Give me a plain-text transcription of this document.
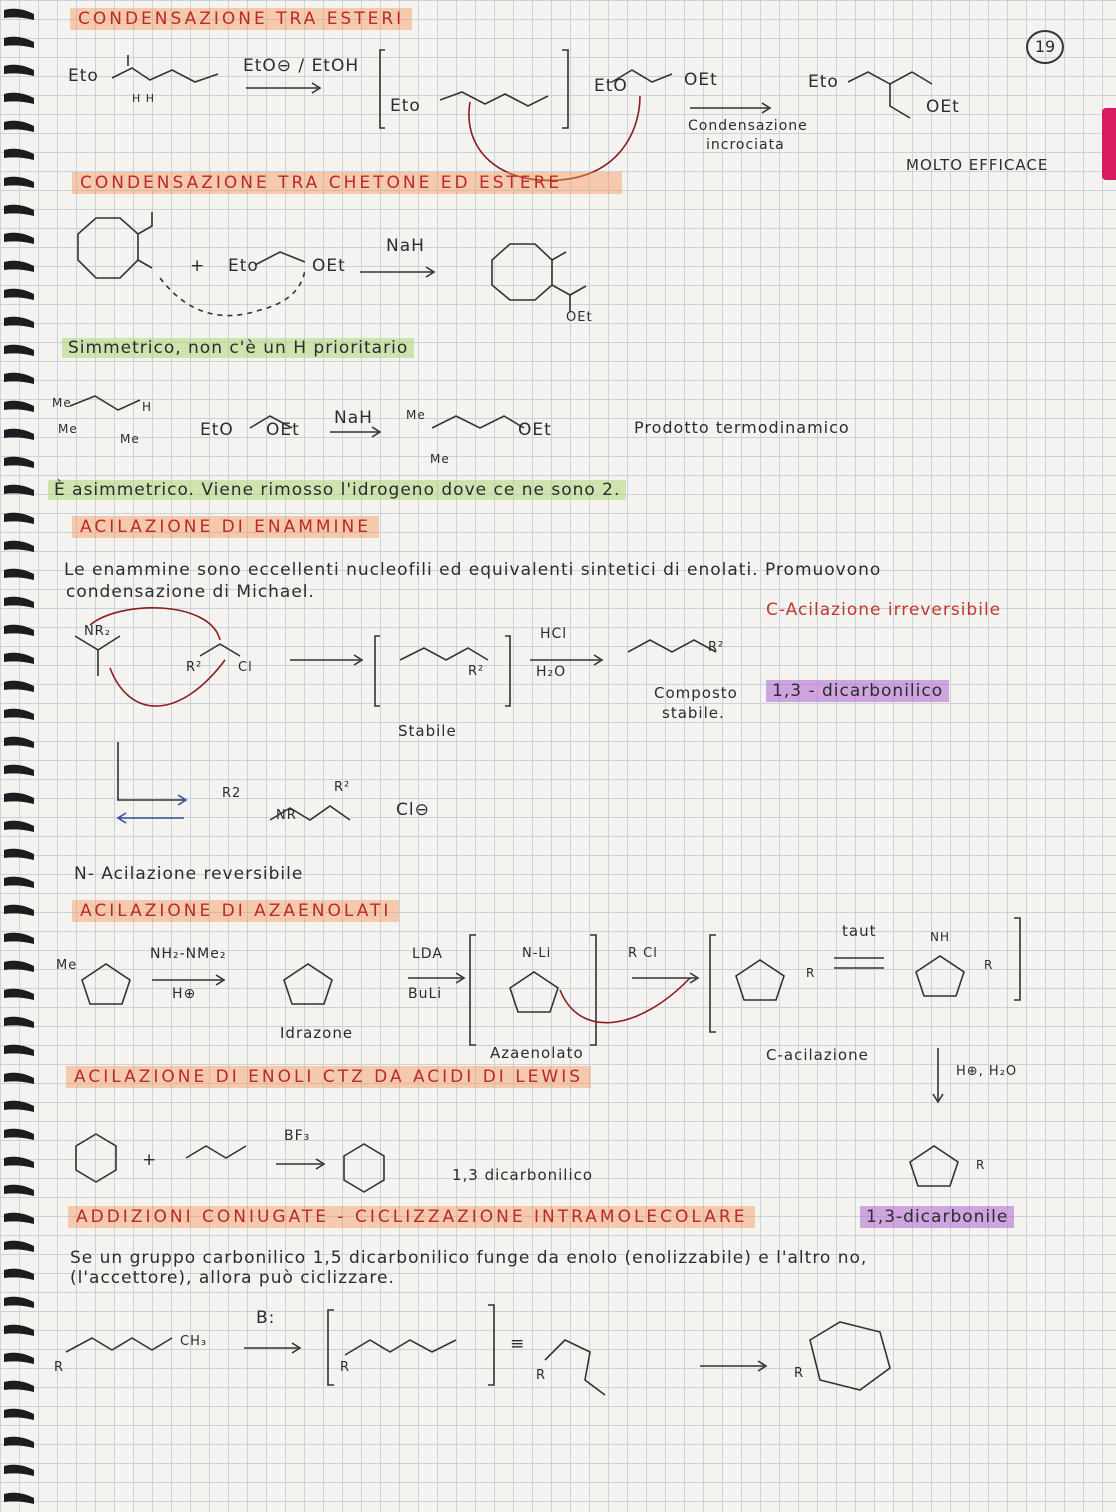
19
CONDENSAZIONE TRA ESTERI
Eto
H H
EtO⊖ / EtOH
Eto
EtO	OEt
Condensazione
incrociata
Eto
OEt
MOLTO EFFICACE
CONDENSAZIONE TRA CHETONE ED ESTERE
+ Eto	OEt
NaH
OEt
Simmetrico, non c'è un H prioritario
Me
Me
Me
H
EtO OEt
NaH	Me
Me
OEt	Prodotto termodinamico
È asimmetrico. Viene rimosso l'idrogeno dove ce ne sono 2.
ACILAZIONE DI ENAMMINE
Le enammine sono eccellenti nucleofili ed equivalenti sintetici di enolati. Promuovono
condensazione di Michael.
C-Acilazione irreversibile
NR₂
R²	Cl
HCl
H₂O
R²
R²
Stabile
Composto
stabile.
1,3 - dicarbonilico
R2	R²
NR	Cl⊖
N- Acilazione reversibile
ACILAZIONE DI AZAENOLATI
Me
NH₂-NMe₂
H⊕
Idrazone
LDA
BuLi
Azaenolato
N-Li	R Cl
taut
C-acilazione
H⊕, H₂O
NH
R
R
R
ACILAZIONE DI ENOLI CTZ DA ACIDI DI LEWIS
+
BF₃
1,3 dicarbonilico
1,3-dicarbonile
ADDIZIONI CONIUGATE - CICLIZZAZIONE INTRAMOLECOLARE
Se un gruppo carbonilico 1,5 dicarbonilico funge da enolo (enolizzabile) e l'altro no,
(l'accettore), allora può ciclizzare.
CH₃
B:
R	R
R	R
≡
